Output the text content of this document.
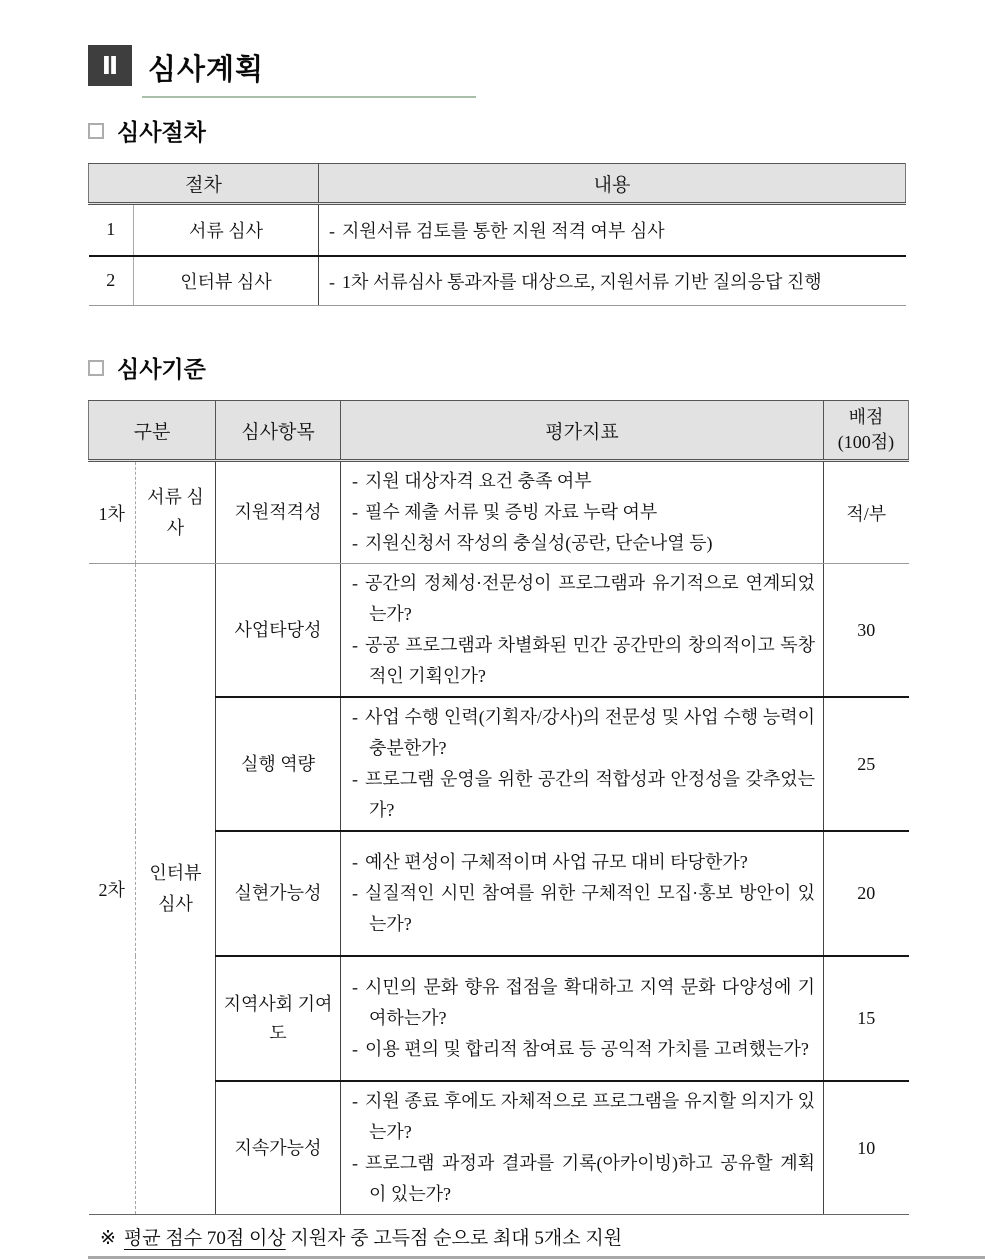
Ⅱ	심사계획
심사절차
절차		내용
1	서류 심사	- 지원서류 검토를 통한 지원 적격 여부 심사
2	인터뷰 심사	- 1차 서류심사 통과자를 대상으로, 지원서류 기반 질의응답 진행
심사기준
구분		심사항목	평가지표	배점
(100점)

1차	서류 심사	지원적격성	- 지원 대상자격 요건 충족 여부
- 필수 제출 서류 및 증빙 자료 누락 여부
- 지원신청서 작성의 충실성(공란, 단순나열 등)	적/부
2차	인터뷰 심사	사업타당성	- 공간의 정체성·전문성이 프로그램과 유기적으로 연계되었는가?
- 공공 프로그램과 차별화된 민간 공간만의 창의적이고 독창적인 기획인가?	30
		실행 역량	- 사업 수행 인력(기획자/강사)의 전문성 및 사업 수행 능력이 충분한가?
- 프로그램 운영을 위한 공간의 적합성과 안정성을 갖추었는가?	25
		실현가능성	- 예산 편성이 구체적이며 사업 규모 대비 타당한가?
- 실질적인 시민 참여를 위한 구체적인 모집·홍보 방안이 있는가?	20
		지역사회 기여도	- 시민의 문화 향유 접점을 확대하고 지역 문화 다양성에 기여하는가?
- 이용 편의 및 합리적 참여료 등 공익적 가치를 고려했는가?	15
		지속가능성	- 지원 종료 후에도 자체적으로 프로그램을 유지할 의지가 있는가?
- 프로그램 과정과 결과를 기록(아카이빙)하고 공유할 계획이 있는가?	10
※ 평균 점수 70점 이상 지원자 중 고득점 순으로 최대 5개소 지원
